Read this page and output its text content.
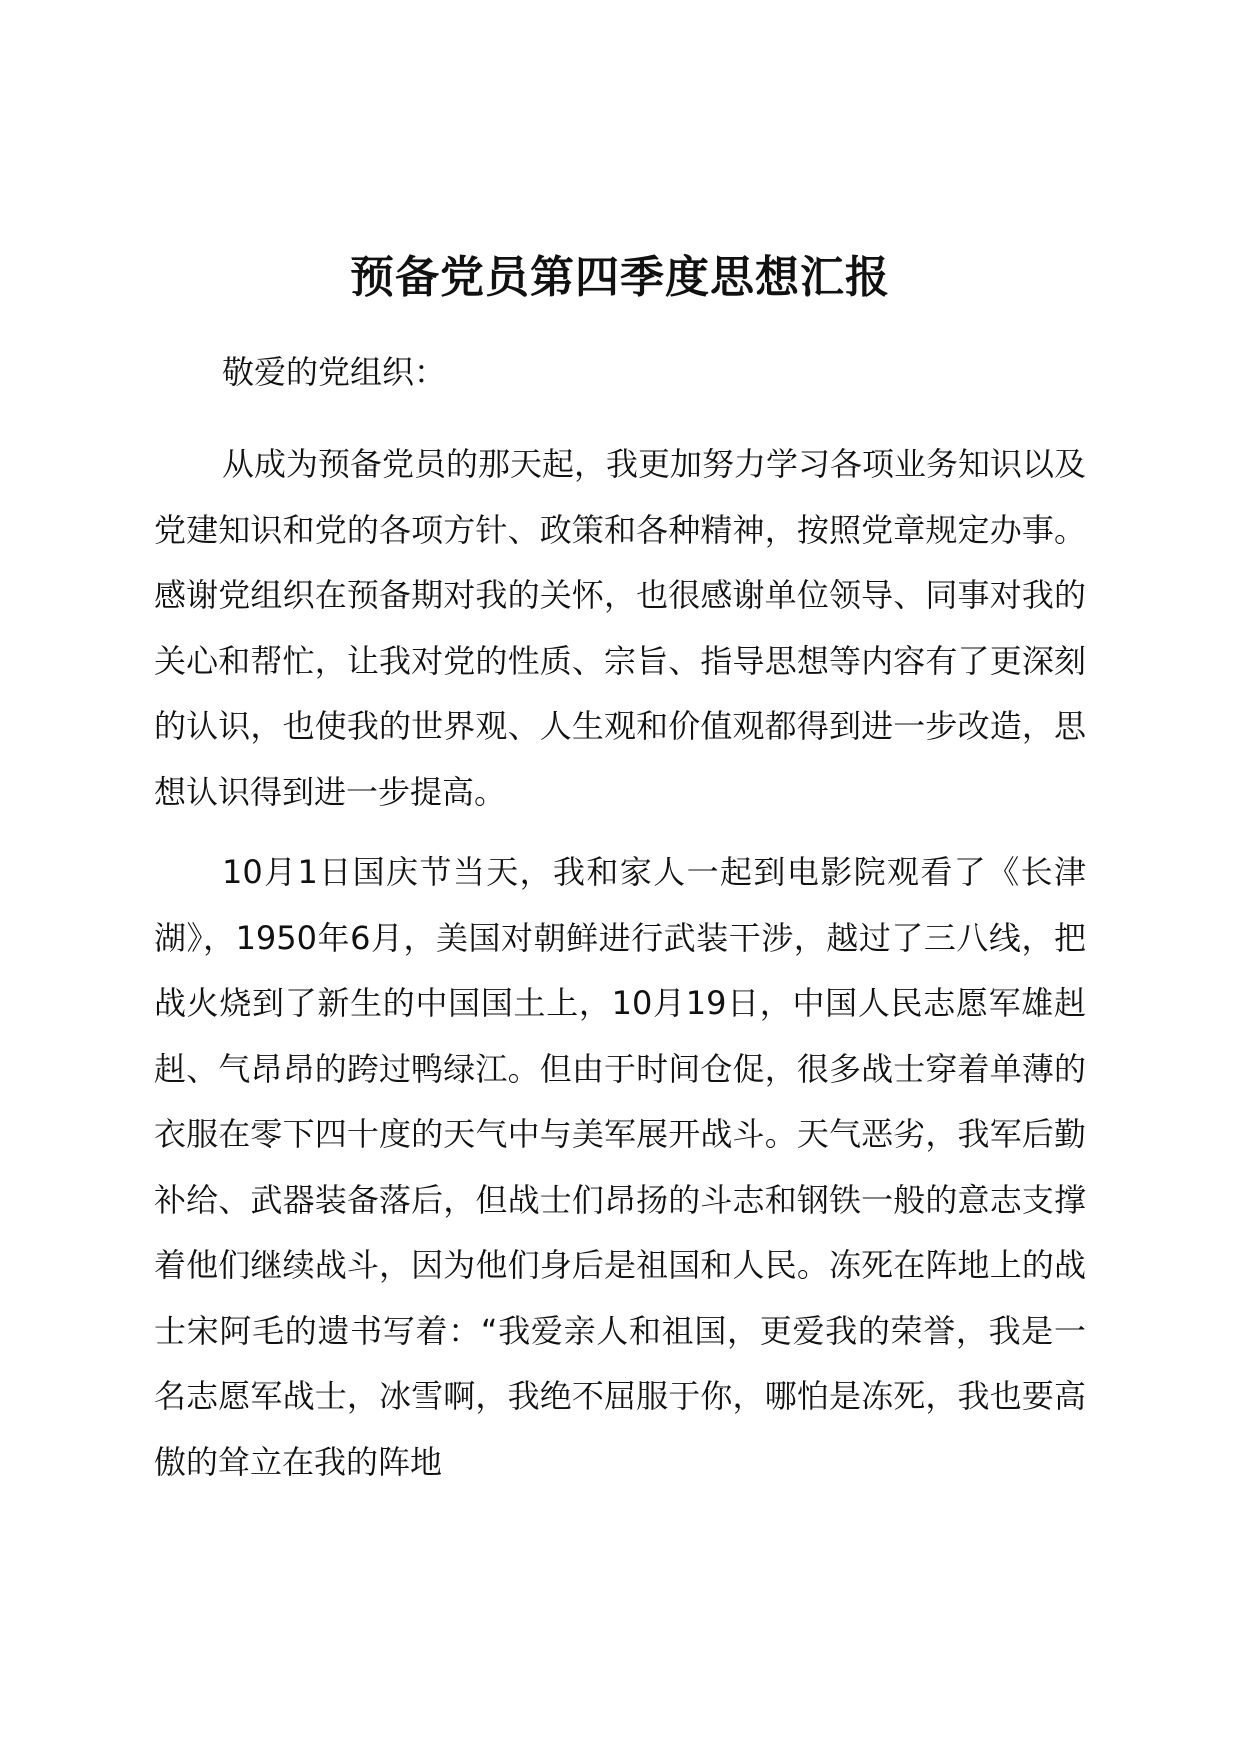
预备党员第四季度思想汇报

敬爱的党组织：

从成为预备党员的那天起，我更加努力学习各项业务知识以及党建知识和党的各项方针、政策和各种精神，按照党章规定办事。感谢党组织在预备期对我的关怀，也很感谢单位领导、同事对我的关心和帮忙，让我对党的性质、宗旨、指导思想等内容有了更深刻的认识，也使我的世界观、人生观和价值观都得到进一步改造，思想认识得到进一步提高。

10月1日国庆节当天，我和家人一起到电影院观看了《长津湖》，1950年6月，美国对朝鲜进行武装干涉，越过了三八线，把战火烧到了新生的中国国土上，10月19日，中国人民志愿军雄赳赳、气昂昂的跨过鸭绿江。但由于时间仓促，很多战士穿着单薄的衣服在零下四十度的天气中与美军展开战斗。天气恶劣，我军后勤补给、武器装备落后，但战士们昂扬的斗志和钢铁一般的意志支撑着他们继续战斗，因为他们身后是祖国和人民。冻死在阵地上的战士宋阿毛的遗书写着：“我爱亲人和祖国，更爱我的荣誉，我是一名志愿军战士，冰雪啊，我绝不屈服于你，哪怕是冻死，我也要高傲的耸立在我的阵地
